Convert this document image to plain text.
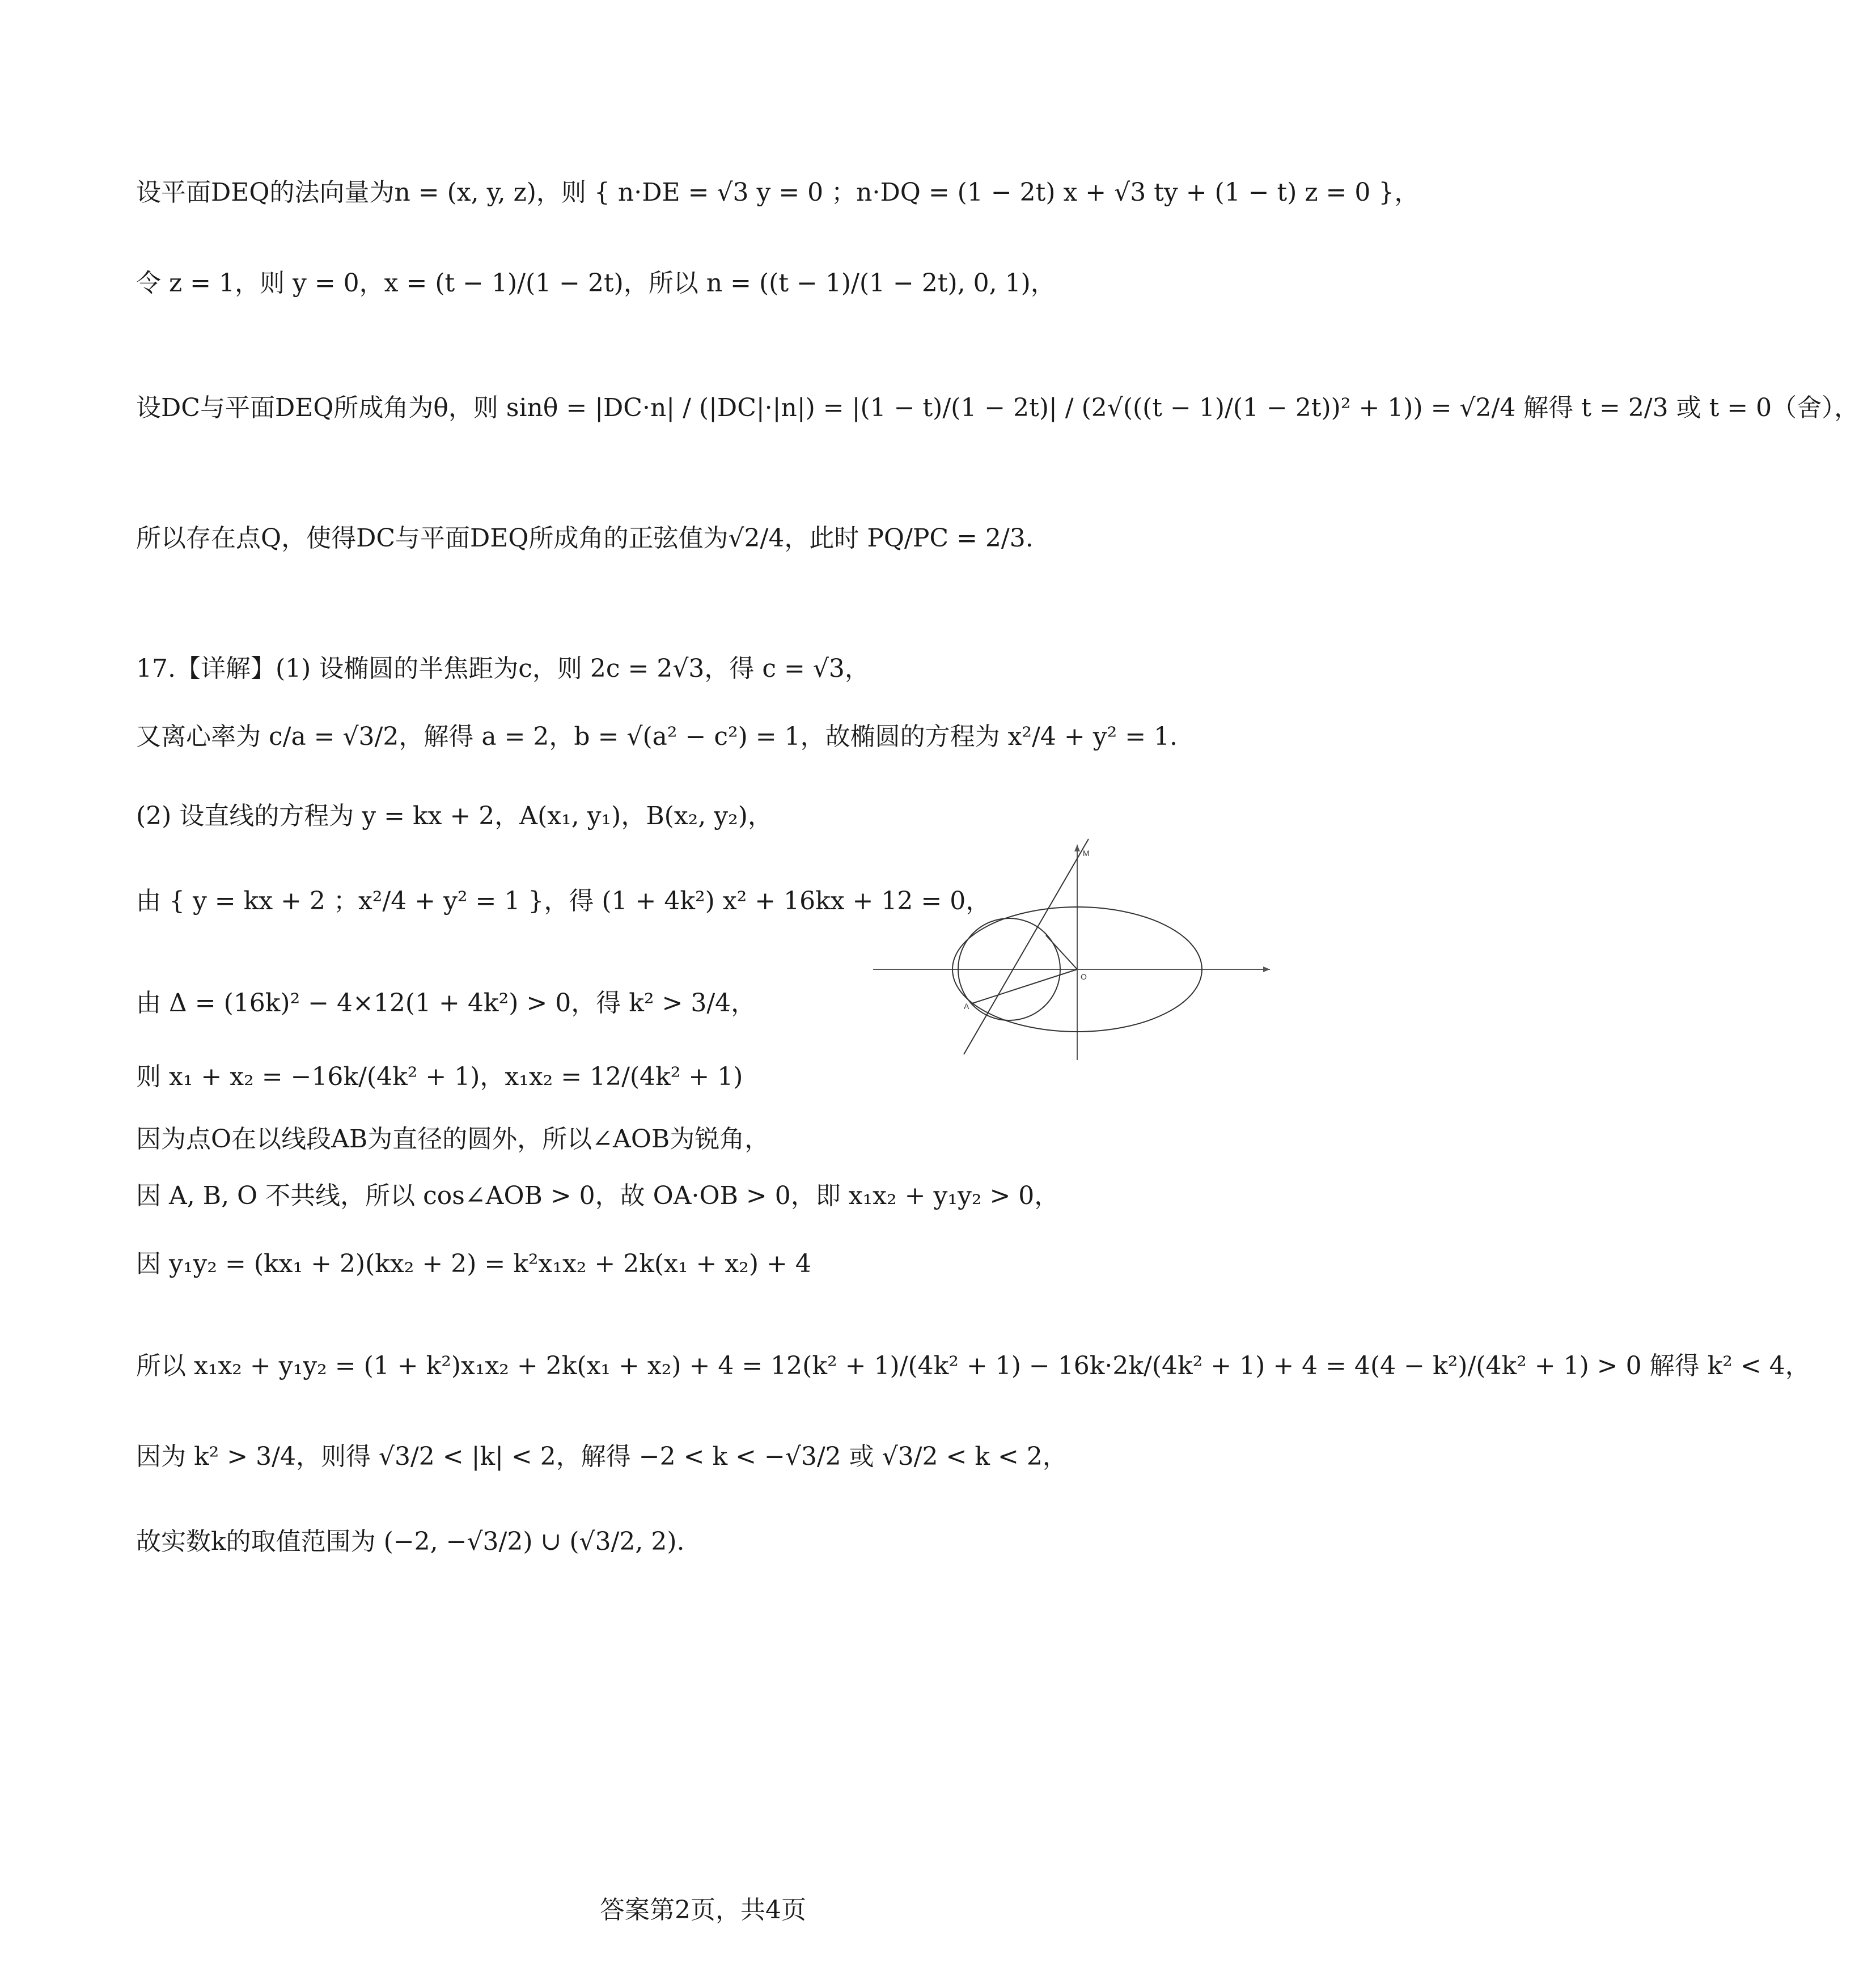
设平面DEQ的法向量为n = (x, y, z)，则 { n·DE = √3 y = 0 ；n·DQ = (1 − 2t) x + √3 ty + (1 − t) z = 0 }，
令 z = 1，则 y = 0，x = (t − 1)/(1 − 2t)，所以 n = ((t − 1)/(1 − 2t), 0, 1)，
设DC与平面DEQ所成角为θ，则 sinθ = |DC·n| / (|DC|·|n|) = |(1 − t)/(1 − 2t)| / (2√(((t − 1)/(1 − 2t))² + 1)) = √2/4 解得 t = 2/3 或 t = 0（舍），
所以存在点Q，使得DC与平面DEQ所成角的正弦值为√2/4，此时 PQ/PC = 2/3.
17.【详解】(1) 设椭圆的半焦距为c，则 2c = 2√3，得 c = √3，
又离心率为 c/a = √3/2，解得 a = 2，b = √(a² − c²) = 1，故椭圆的方程为 x²/4 + y² = 1.
(2) 设直线的方程为 y = kx + 2，A(x₁, y₁)，B(x₂, y₂)，
由 { y = kx + 2 ；x²/4 + y² = 1 }，得 (1 + 4k²) x² + 16kx + 12 = 0，
由 Δ = (16k)² − 4×12(1 + 4k²) > 0，得 k² > 3/4，
则 x₁ + x₂ = −16k/(4k² + 1)，x₁x₂ = 12/(4k² + 1)
因为点O在以线段AB为直径的圆外，所以∠AOB为锐角，
因 A, B, O 不共线，所以 cos∠AOB > 0，故 OA·OB > 0，即 x₁x₂ + y₁y₂ > 0，
因 y₁y₂ = (kx₁ + 2)(kx₂ + 2) = k²x₁x₂ + 2k(x₁ + x₂) + 4
所以 x₁x₂ + y₁y₂ = (1 + k²)x₁x₂ + 2k(x₁ + x₂) + 4 = 12(k² + 1)/(4k² + 1) − 16k·2k/(4k² + 1) + 4 = 4(4 − k²)/(4k² + 1) > 0 解得 k² < 4，
因为 k² > 3/4，则得 √3/2 < |k| < 2，解得 −2 < k < −√3/2 或 √3/2 < k < 2，
故实数k的取值范围为 (−2, −√3/2) ∪ (√3/2, 2).
M
O
A
答案第2页，共4页
